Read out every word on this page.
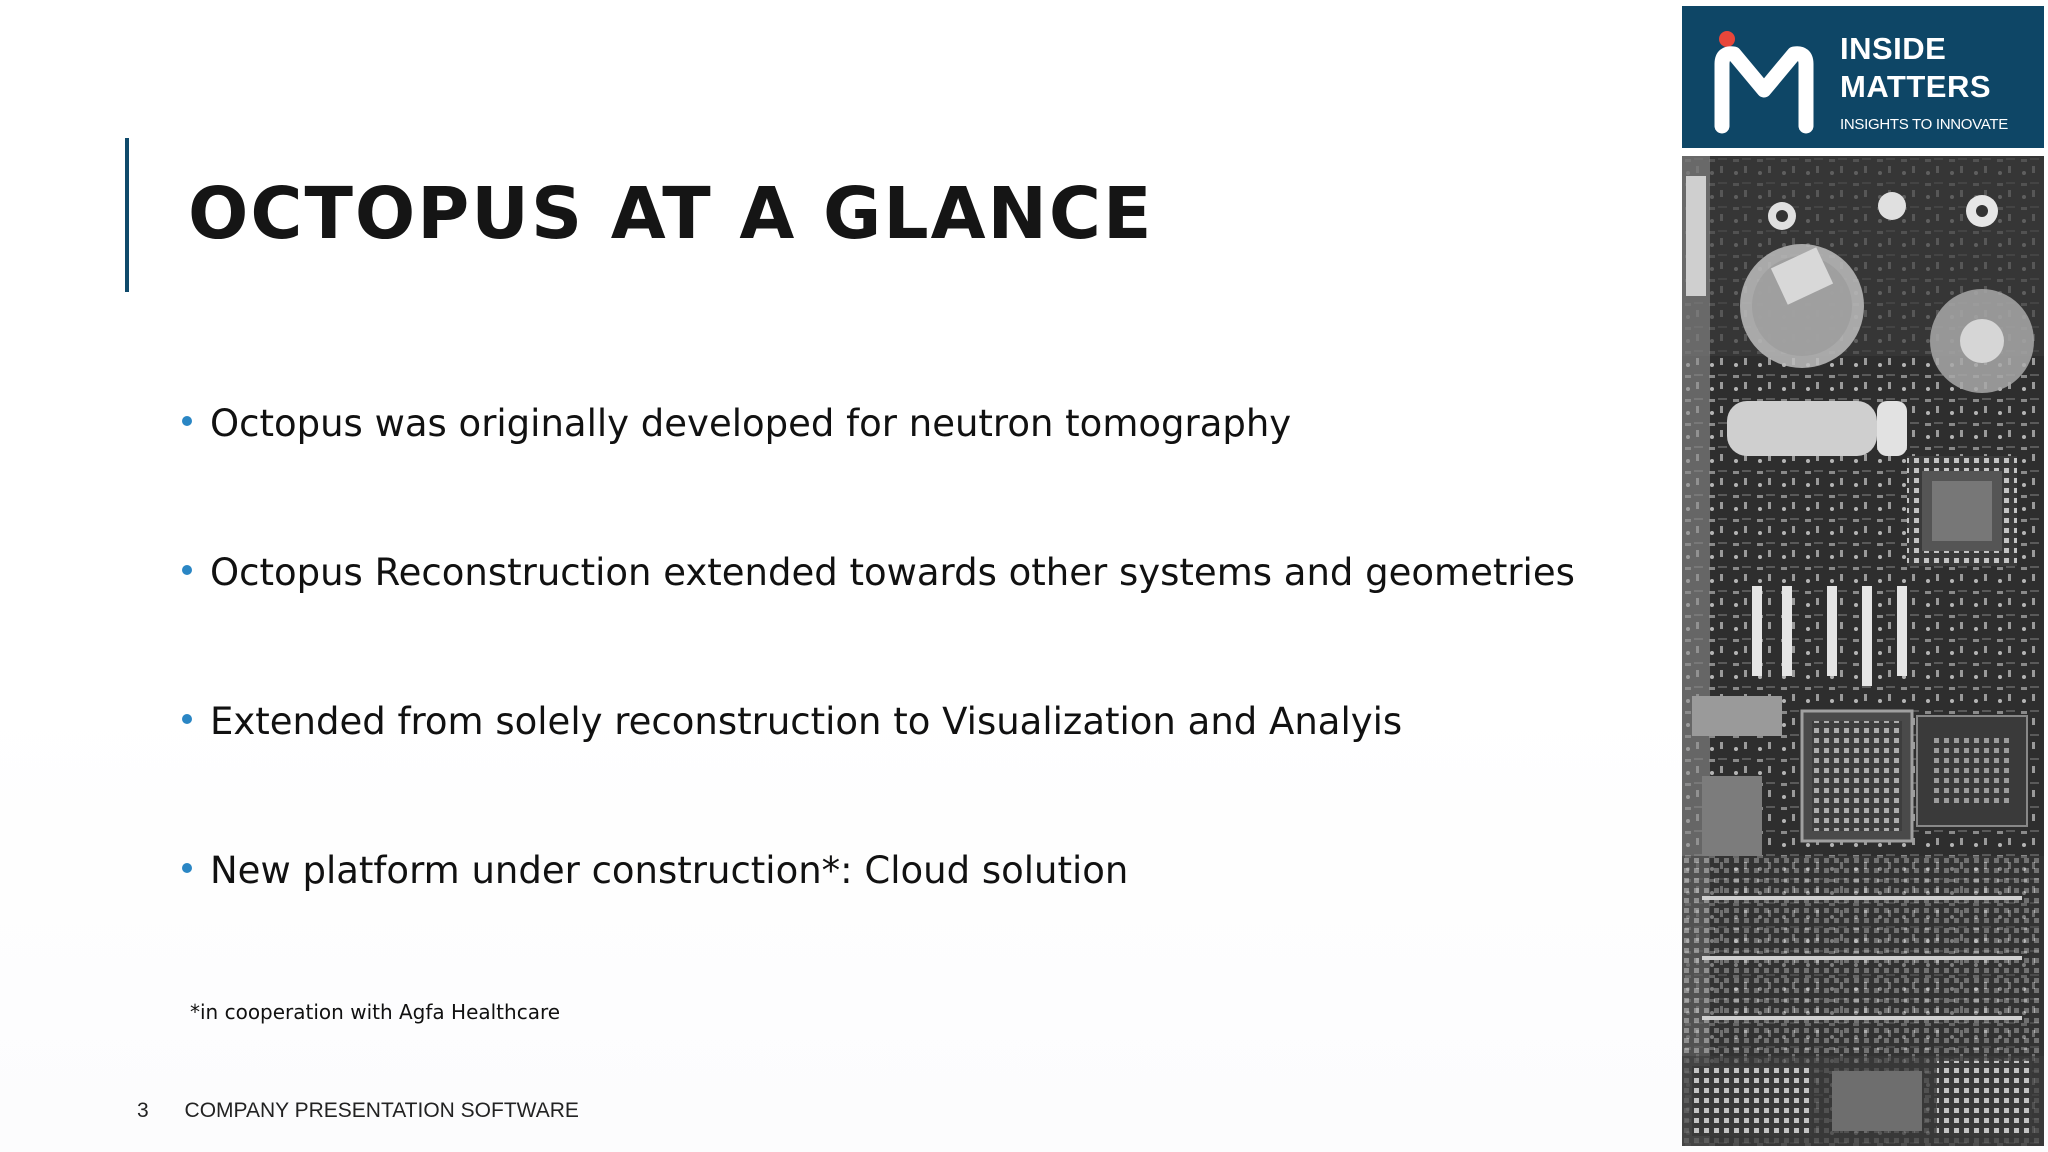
OCTOPUS AT A GLANCE
Octopus was originally developed for neutron tomography
Octopus Reconstruction extended towards other systems and geometries
Extended from solely reconstruction to Visualization and Analyis
New platform under construction*: Cloud solution
*in cooperation with Agfa Healthcare
3 COMPANY PRESENTATION SOFTWARE
INSIDE
MATTERS
INSIGHTS TO INNOVATE
